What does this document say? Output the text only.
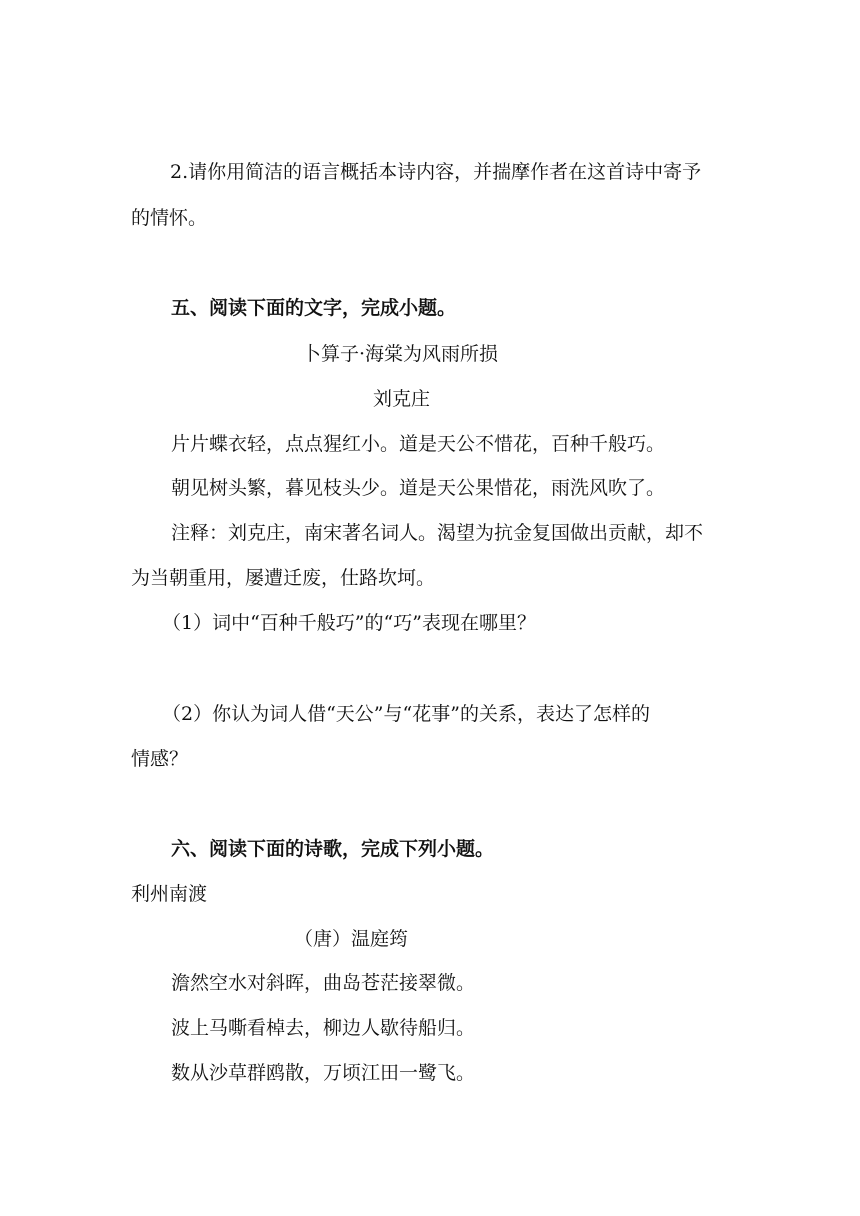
2.请你用简洁的语言概括本诗内容，并揣摩作者在这首诗中寄予
的情怀。
五、阅读下面的文字，完成小题。
卜算子·海棠为风雨所损
刘克庄
片片蝶衣轻，点点猩红小。道是天公不惜花，百种千般巧。
朝见树头繁，暮见枝头少。道是天公果惜花，雨洗风吹了。
注释：刘克庄，南宋著名词人。渴望为抗金复国做出贡献，却不
为当朝重用，屡遭迁废，仕路坎坷。
（1）词中“百种千般巧”的“巧”表现在哪里？
（2）你认为词人借“天公”与“花事”的关系，表达了怎样的
情感？
六、阅读下面的诗歌，完成下列小题。
利州南渡
（唐）温庭筠
澹然空水对斜晖，曲岛苍茫接翠微。
波上马嘶看棹去，柳边人歇待船归。
数从沙草群鸥散，万顷江田一鹭飞。
